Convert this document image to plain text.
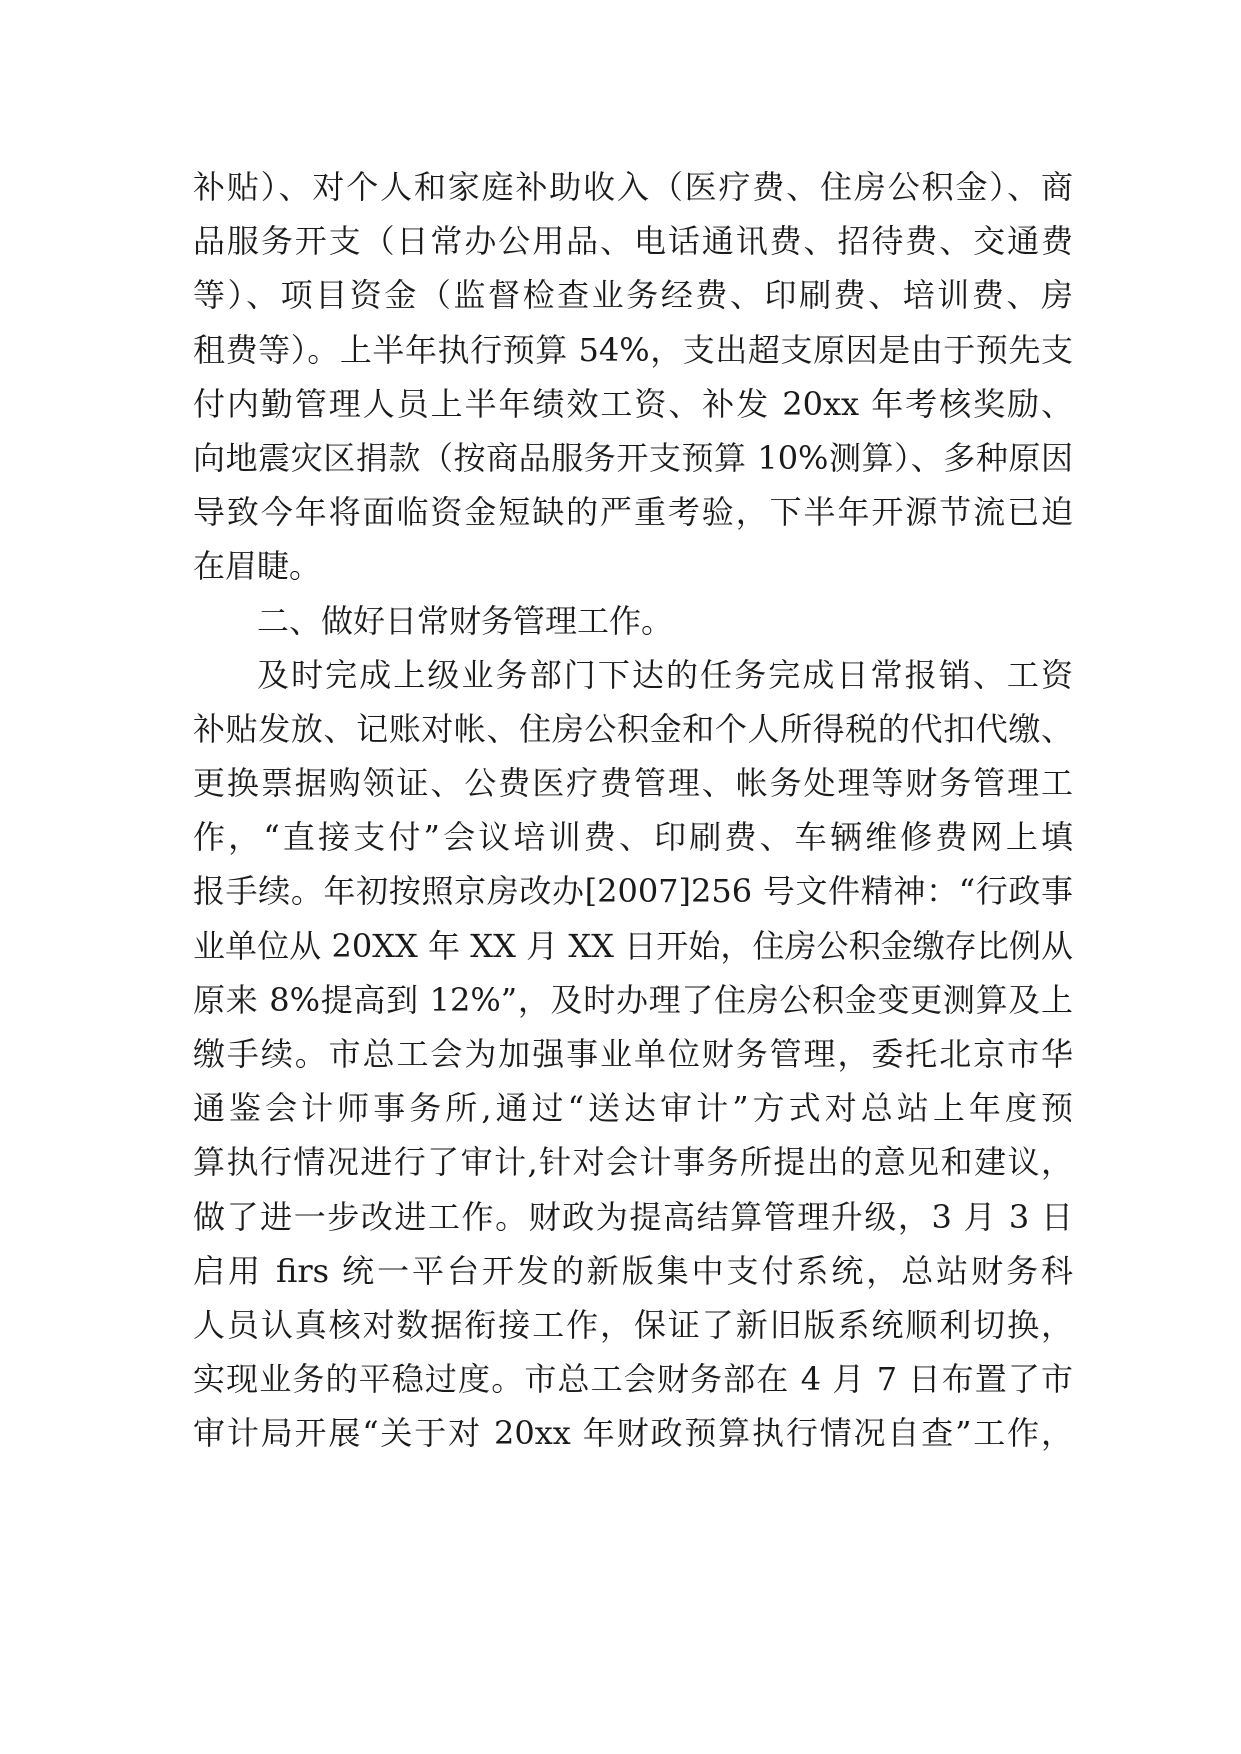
补贴）、对个人和家庭补助收入（医疗费、住房公积金）、商
品服务开支（日常办公用品、电话通讯费、招待费、交通费
等）、项目资金（监督检查业务经费、印刷费、培训费、房
租费等）。上半年执行预算 54%，支出超支原因是由于预先支
付内勤管理人员上半年绩效工资、补发 20xx 年考核奖励、
向地震灾区捐款（按商品服务开支预算 10%测算）、多种原因
导致今年将面临资金短缺的严重考验，下半年开源节流已迫
在眉睫。
二、做好日常财务管理工作。
及时完成上级业务部门下达的任务完成日常报销、工资
补贴发放、记账对帐、住房公积金和个人所得税的代扣代缴、
更换票据购领证、公费医疗费管理、帐务处理等财务管理工
作，“直接支付”会议培训费、印刷费、车辆维修费网上填
报手续。年初按照京房改办[2007]256 号文件精神：“行政事
业单位从 20XX 年 XX 月 XX 日开始，住房公积金缴存比例从
原来 8%提高到 12%”，及时办理了住房公积金变更测算及上
缴手续。市总工会为加强事业单位财务管理，委托北京市华
通鉴会计师事务所,通过“送达审计”方式对总站上年度预
算执行情况进行了审计,针对会计事务所提出的意见和建议，
做了进一步改进工作。财政为提高结算管理升级，3 月 3 日
启用 firs 统一平台开发的新版集中支付系统，总站财务科
人员认真核对数据衔接工作，保证了新旧版系统顺利切换，
实现业务的平稳过度。市总工会财务部在 4 月 7 日布置了市
审计局开展“关于对 20xx 年财政预算执行情况自查”工作，
